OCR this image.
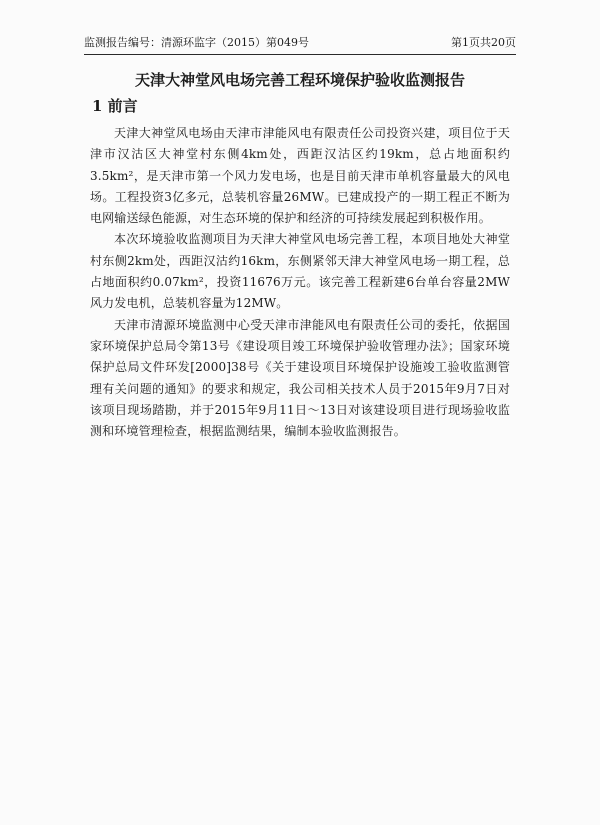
监测报告编号：清源环监字（2015）第049号	第1页共20页
天津大神堂风电场完善工程环境保护验收监测报告
1 前言

天津大神堂风电场由天津市津能风电有限责任公司投资兴建，项目位于天津市汉沽区大神堂村东侧4km处，西距汉沽区约19km，总占地面积约3.5km²，是天津市第一个风力发电场，也是目前天津市单机容量最大的风电场。工程投资3亿多元，总装机容量26MW。已建成投产的一期工程正不断为电网输送绿色能源，对生态环境的保护和经济的可持续发展起到积极作用。

本次环境验收监测项目为天津大神堂风电场完善工程，本项目地处大神堂村东侧2km处，西距汉沽约16km，东侧紧邻天津大神堂风电场一期工程，总占地面积约0.07km²，投资11676万元。该完善工程新建6台单台容量2MW风力发电机，总装机容量为12MW。

天津市清源环境监测中心受天津市津能风电有限责任公司的委托，依据国家环境保护总局令第13号《建设项目竣工环境保护验收管理办法》；国家环境保护总局文件环发[2000]38号《关于建设项目环境保护设施竣工验收监测管理有关问题的通知》的要求和规定，我公司相关技术人员于2015年9月7日对该项目现场踏勘，并于2015年9月11日～13日对该建设项目进行现场验收监测和环境管理检查，根据监测结果，编制本验收监测报告。
